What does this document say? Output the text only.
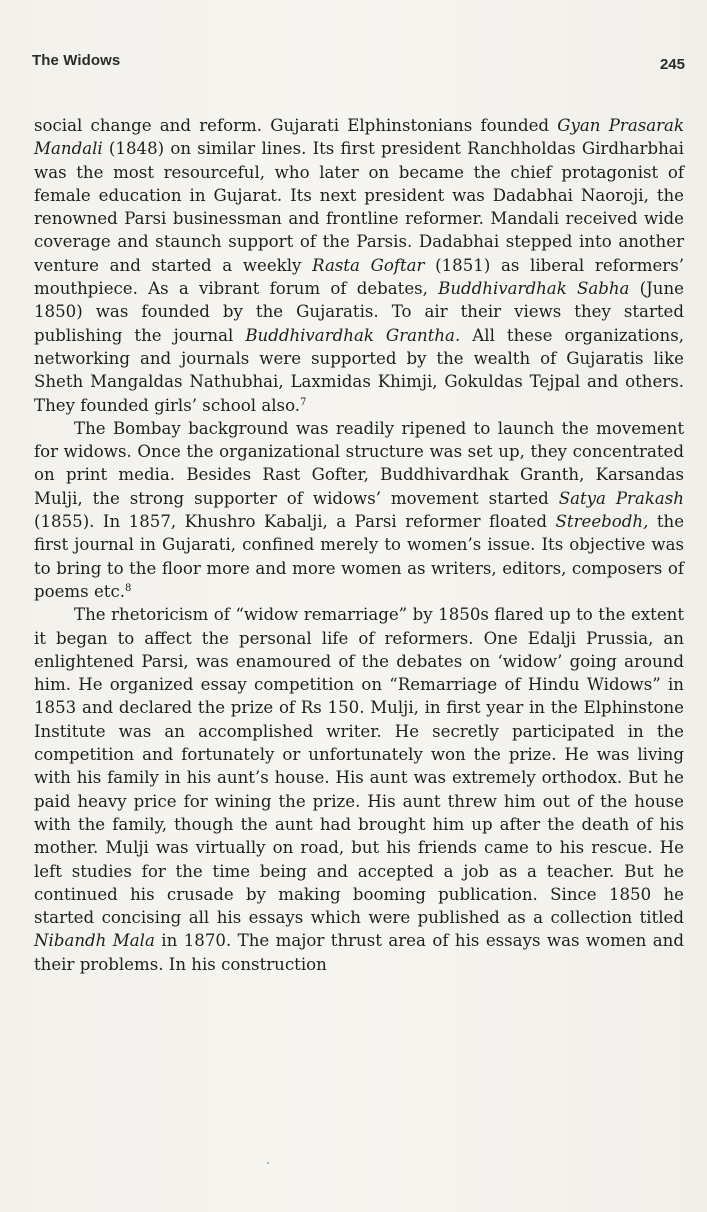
The Widows	245

social change and reform. Gujarati Elphinstonians founded Gyan Prasarak Mandali (1848) on similar lines. Its first president Ranchholdas Girdharbhai was the most resourceful, who later on became the chief protagonist of female education in Gujarat. Its next president was Dadabhai Naoroji, the renowned Parsi businessman and frontline reformer. Mandali received wide coverage and staunch support of the Parsis. Dadabhai stepped into another venture and started a weekly Rasta Goftar (1851) as liberal reformers’ mouthpiece. As a vibrant forum of debates, Buddhivardhak Sabha (June 1850) was founded by the Gujaratis. To air their views they started publishing the journal Buddhivardhak Grantha. All these organizations, networking and journals were supported by the wealth of Gujaratis like Sheth Mangaldas Nathubhai, Laxmidas Khimji, Gokuldas Tejpal and others. They founded girls’ school also.$^7$

The Bombay background was readily ripened to launch the movement for widows. Once the organizational structure was set up, they concentrated on print media. Besides Rast Gofter, Buddhivardhak Granth, Karsandas Mulji, the strong supporter of widows’ movement started Satya Prakash (1855). In 1857, Khushro Kabalji, a Parsi reformer floated Streebodh, the first journal in Gujarati, confined merely to women’s issue. Its objective was to bring to the floor more and more women as writers, editors, composers of poems etc.$^8$

The rhetoricism of “widow remarriage” by 1850s flared up to the extent it began to affect the personal life of reformers. One Edalji Prussia, an enlightened Parsi, was enamoured of the debates on ‘widow’ going around him. He organized essay competition on “Remarriage of Hindu Widows” in 1853 and declared the prize of Rs 150. Mulji, in first year in the Elphinstone Institute was an accomplished writer. He secretly participated in the competition and fortunately or unfortunately won the prize. He was living with his family in his aunt’s house. His aunt was extremely orthodox. But he paid heavy price for wining the prize. His aunt threw him out of the house with the family, though the aunt had brought him up after the death of his mother. Mulji was virtually on road, but his friends came to his rescue. He left studies for the time being and accepted a job as a teacher. But he continued his crusade by making booming publication. Since 1850 he started concising all his essays which were published as a collection titled Nibandh Mala in 1870. The major thrust area of his essays was women and their problems. In his construction
